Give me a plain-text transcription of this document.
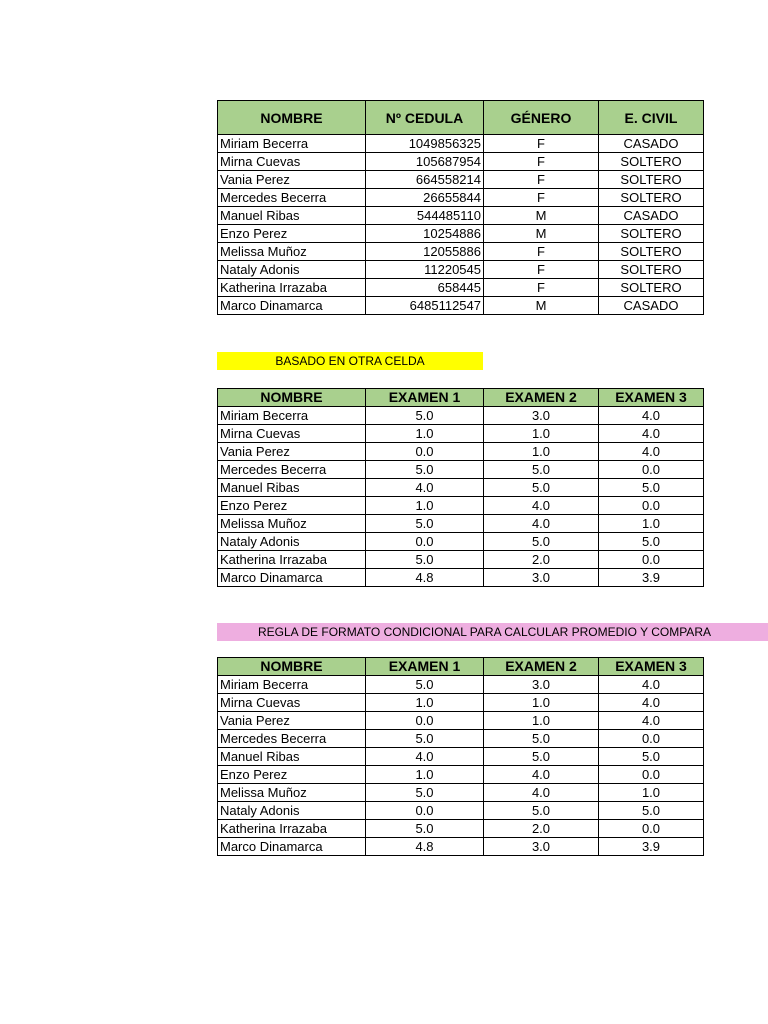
NOMBRE	Nº CEDULA	GÉNERO	E. CIVIL
Miriam Becerra	1049856325	F	CASADO
Mirna Cuevas	105687954	F	SOLTERO
Vania Perez	664558214	F	SOLTERO
Mercedes Becerra	26655844	F	SOLTERO
Manuel Ribas	544485110	M	CASADO
Enzo Perez	10254886	M	SOLTERO
Melissa Muñoz	12055886	F	SOLTERO
Nataly Adonis	11220545	F	SOLTERO
Katherina Irrazaba	658445	F	SOLTERO
Marco Dinamarca	6485112547	M	CASADO
BASADO EN OTRA CELDA
NOMBRE	EXAMEN 1	EXAMEN 2	EXAMEN 3
Miriam Becerra	5.0	3.0	4.0
Mirna Cuevas	1.0	1.0	4.0
Vania Perez	0.0	1.0	4.0
Mercedes Becerra	5.0	5.0	0.0
Manuel Ribas	4.0	5.0	5.0
Enzo Perez	1.0	4.0	0.0
Melissa Muñoz	5.0	4.0	1.0
Nataly Adonis	0.0	5.0	5.0
Katherina Irrazaba	5.0	2.0	0.0
Marco Dinamarca	4.8	3.0	3.9
REGLA DE FORMATO CONDICIONAL PARA CALCULAR PROMEDIO Y COMPARA
NOMBRE	EXAMEN 1	EXAMEN 2	EXAMEN 3
Miriam Becerra	5.0	3.0	4.0
Mirna Cuevas	1.0	1.0	4.0
Vania Perez	0.0	1.0	4.0
Mercedes Becerra	5.0	5.0	0.0
Manuel Ribas	4.0	5.0	5.0
Enzo Perez	1.0	4.0	0.0
Melissa Muñoz	5.0	4.0	1.0
Nataly Adonis	0.0	5.0	5.0
Katherina Irrazaba	5.0	2.0	0.0
Marco Dinamarca	4.8	3.0	3.9
